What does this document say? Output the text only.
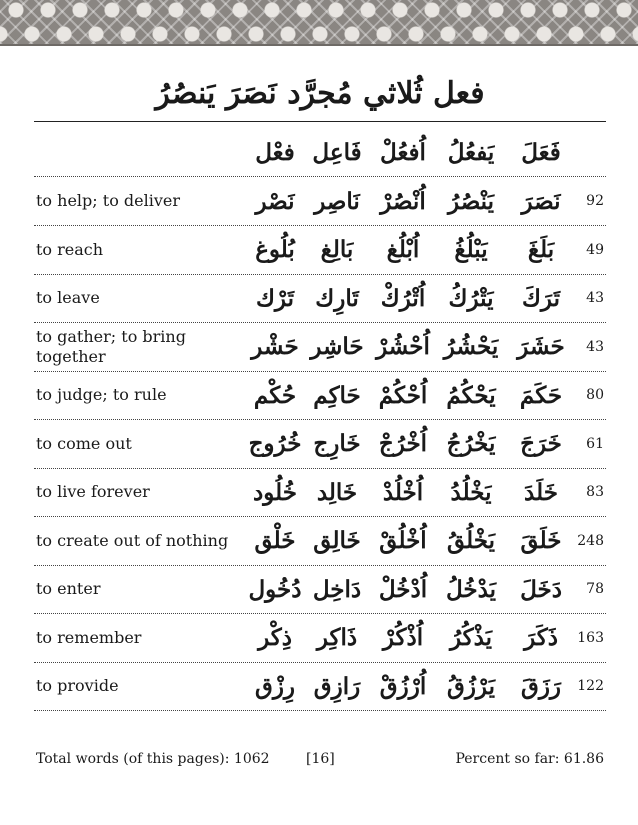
فعل ثُلاثي مُجرَّد نَصَرَ يَنصُرُ
فَعَلَ
يَفعُلُ
اُفعُلْ
فَاعِل
فعْل
92
نَصَرَ
يَنْصُرُ
اُنْصُرْ
نَاصِر
نَصْر
to help; to deliver
49
بَلَغَ
يَبْلُغُ
اُبْلُغ
بَالِغ
بُلُوغ
to reach
43
تَرَكَ
يَتْرُكُ
اُتْرُكْ
تَارِك
تَرْك
to leave
43
حَشَرَ
يَحْشُرُ
اُحْشُرْ
حَاشِر
حَشْر
to gather; to bring together
80
حَكَمَ
يَحْكُمُ
اُحْكُمْ
حَاكِم
حُكْم
to judge; to rule
61
خَرَجَ
يَخْرُجُ
اُخْرُجْ
خَارِج
خُرُوج
to come out
83
خَلَدَ
يَخْلُدُ
اُخْلُدْ
خَالِد
خُلُود
to live forever
248
خَلَقَ
يَخْلُقُ
اُخْلُقْ
خَالِق
خَلْق
to create out of nothing
78
دَخَلَ
يَدْخُلُ
اُدْخُلْ
دَاخِل
دُخُول
to enter
163
ذَكَرَ
يَذْكُرُ
اُذْكُرْ
ذَاكِر
ذِكْر
to remember
122
رَزَقَ
يَرْزُقُ
اُرْزُقْ
رَازِق
رِزْق
to provide
Total words (of this pages): 1062	[16]	Percent so far: 61.86
